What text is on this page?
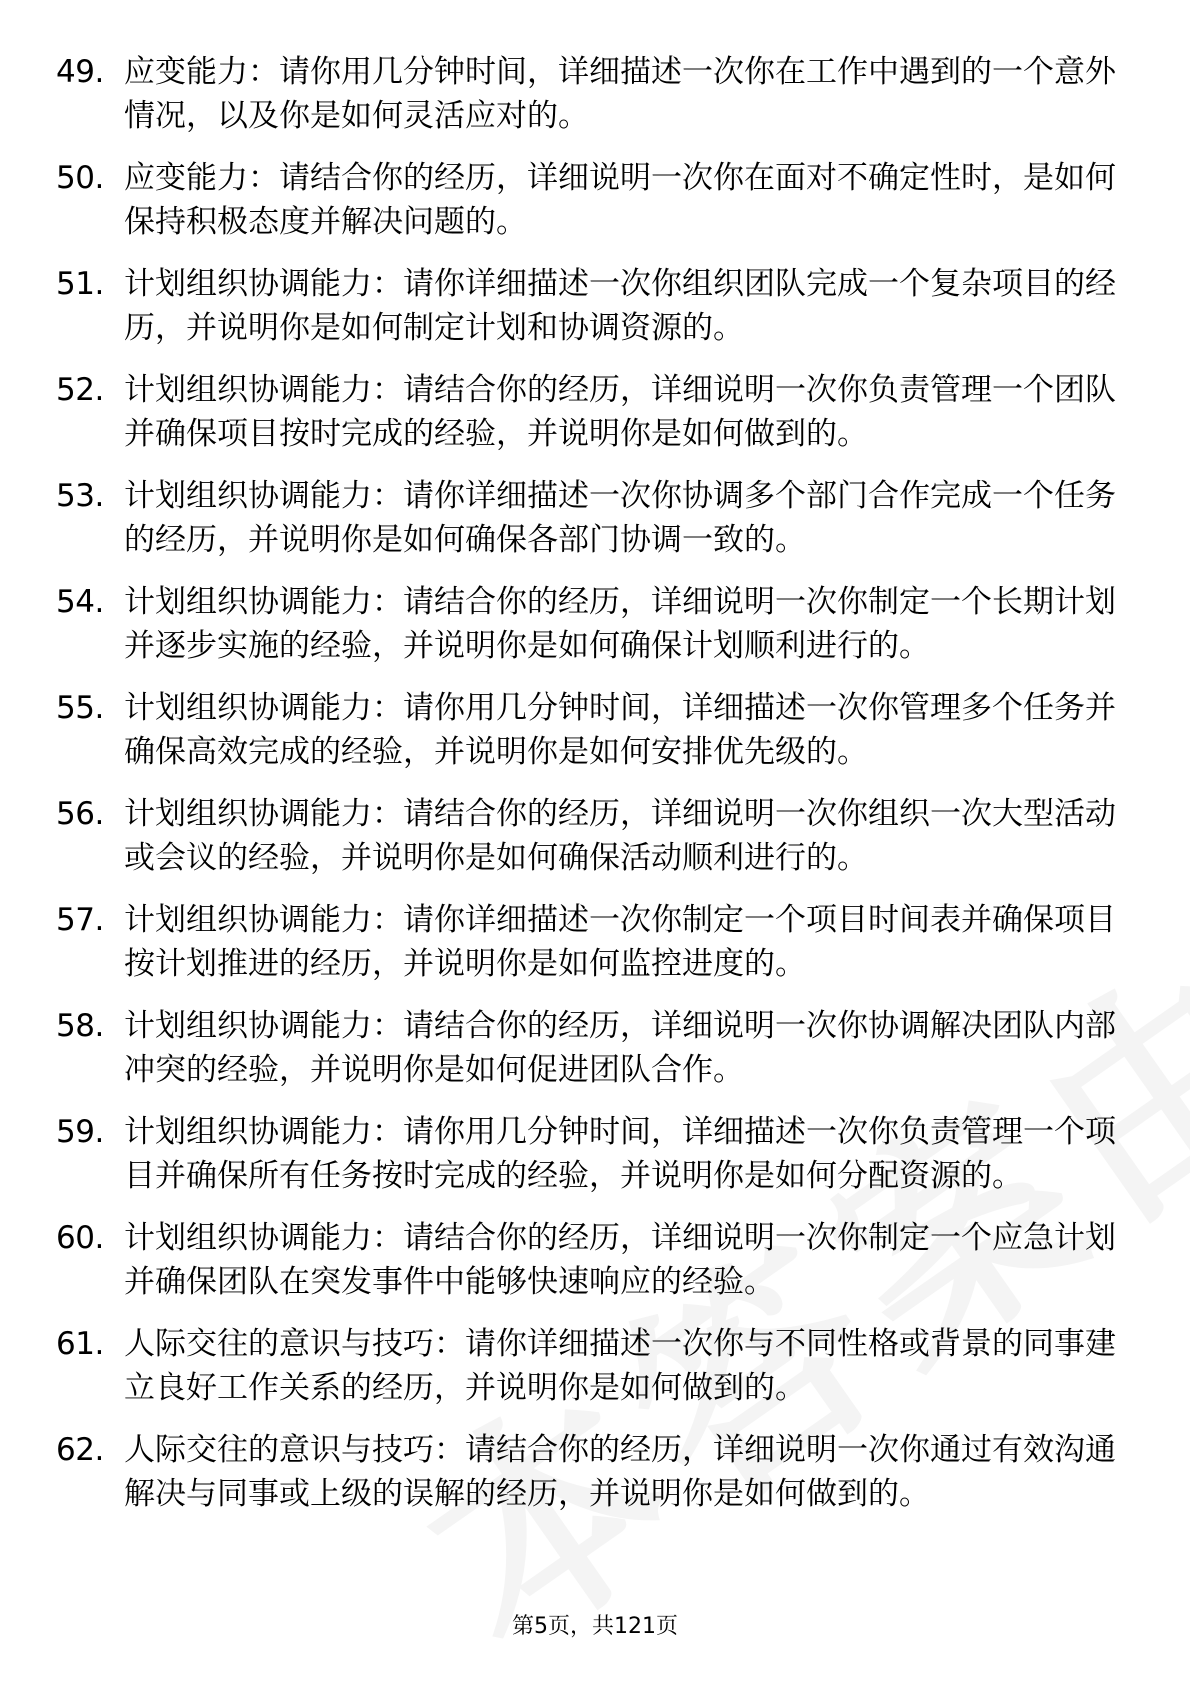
49. 应变能力：请你用几分钟时间，详细描述一次你在工作中遇到的一个意外情况，以及你是如何灵活应对的。
50. 应变能力：请结合你的经历，详细说明一次你在面对不确定性时，是如何保持积极态度并解决问题的。
51. 计划组织协调能力：请你详细描述一次你组织团队完成一个复杂项目的经历，并说明你是如何制定计划和协调资源的。
52. 计划组织协调能力：请结合你的经历，详细说明一次你负责管理一个团队并确保项目按时完成的经验，并说明你是如何做到的。
53. 计划组织协调能力：请你详细描述一次你协调多个部门合作完成一个任务的经历，并说明你是如何确保各部门协调一致的。
54. 计划组织协调能力：请结合你的经历，详细说明一次你制定一个长期计划并逐步实施的经验，并说明你是如何确保计划顺利进行的。
55. 计划组织协调能力：请你用几分钟时间，详细描述一次你管理多个任务并确保高效完成的经验，并说明你是如何安排优先级的。
56. 计划组织协调能力：请结合你的经历，详细说明一次你组织一次大型活动或会议的经验，并说明你是如何确保活动顺利进行的。
57. 计划组织协调能力：请你详细描述一次你制定一个项目时间表并确保项目按计划推进的经历，并说明你是如何监控进度的。
58. 计划组织协调能力：请结合你的经历，详细说明一次你协调解决团队内部冲突的经验，并说明你是如何促进团队合作。
59. 计划组织协调能力：请你用几分钟时间，详细描述一次你负责管理一个项目并确保所有任务按时完成的经验，并说明你是如何分配资源的。
60. 计划组织协调能力：请结合你的经历，详细说明一次你制定一个应急计划并确保团队在突发事件中能够快速响应的经验。
61. 人际交往的意识与技巧：请你详细描述一次你与不同性格或背景的同事建立良好工作关系的经历，并说明你是如何做到的。
62. 人际交往的意识与技巧：请结合你的经历，详细说明一次你通过有效沟通解决与同事或上级的误解的经历，并说明你是如何做到的。
第5页，共121页
